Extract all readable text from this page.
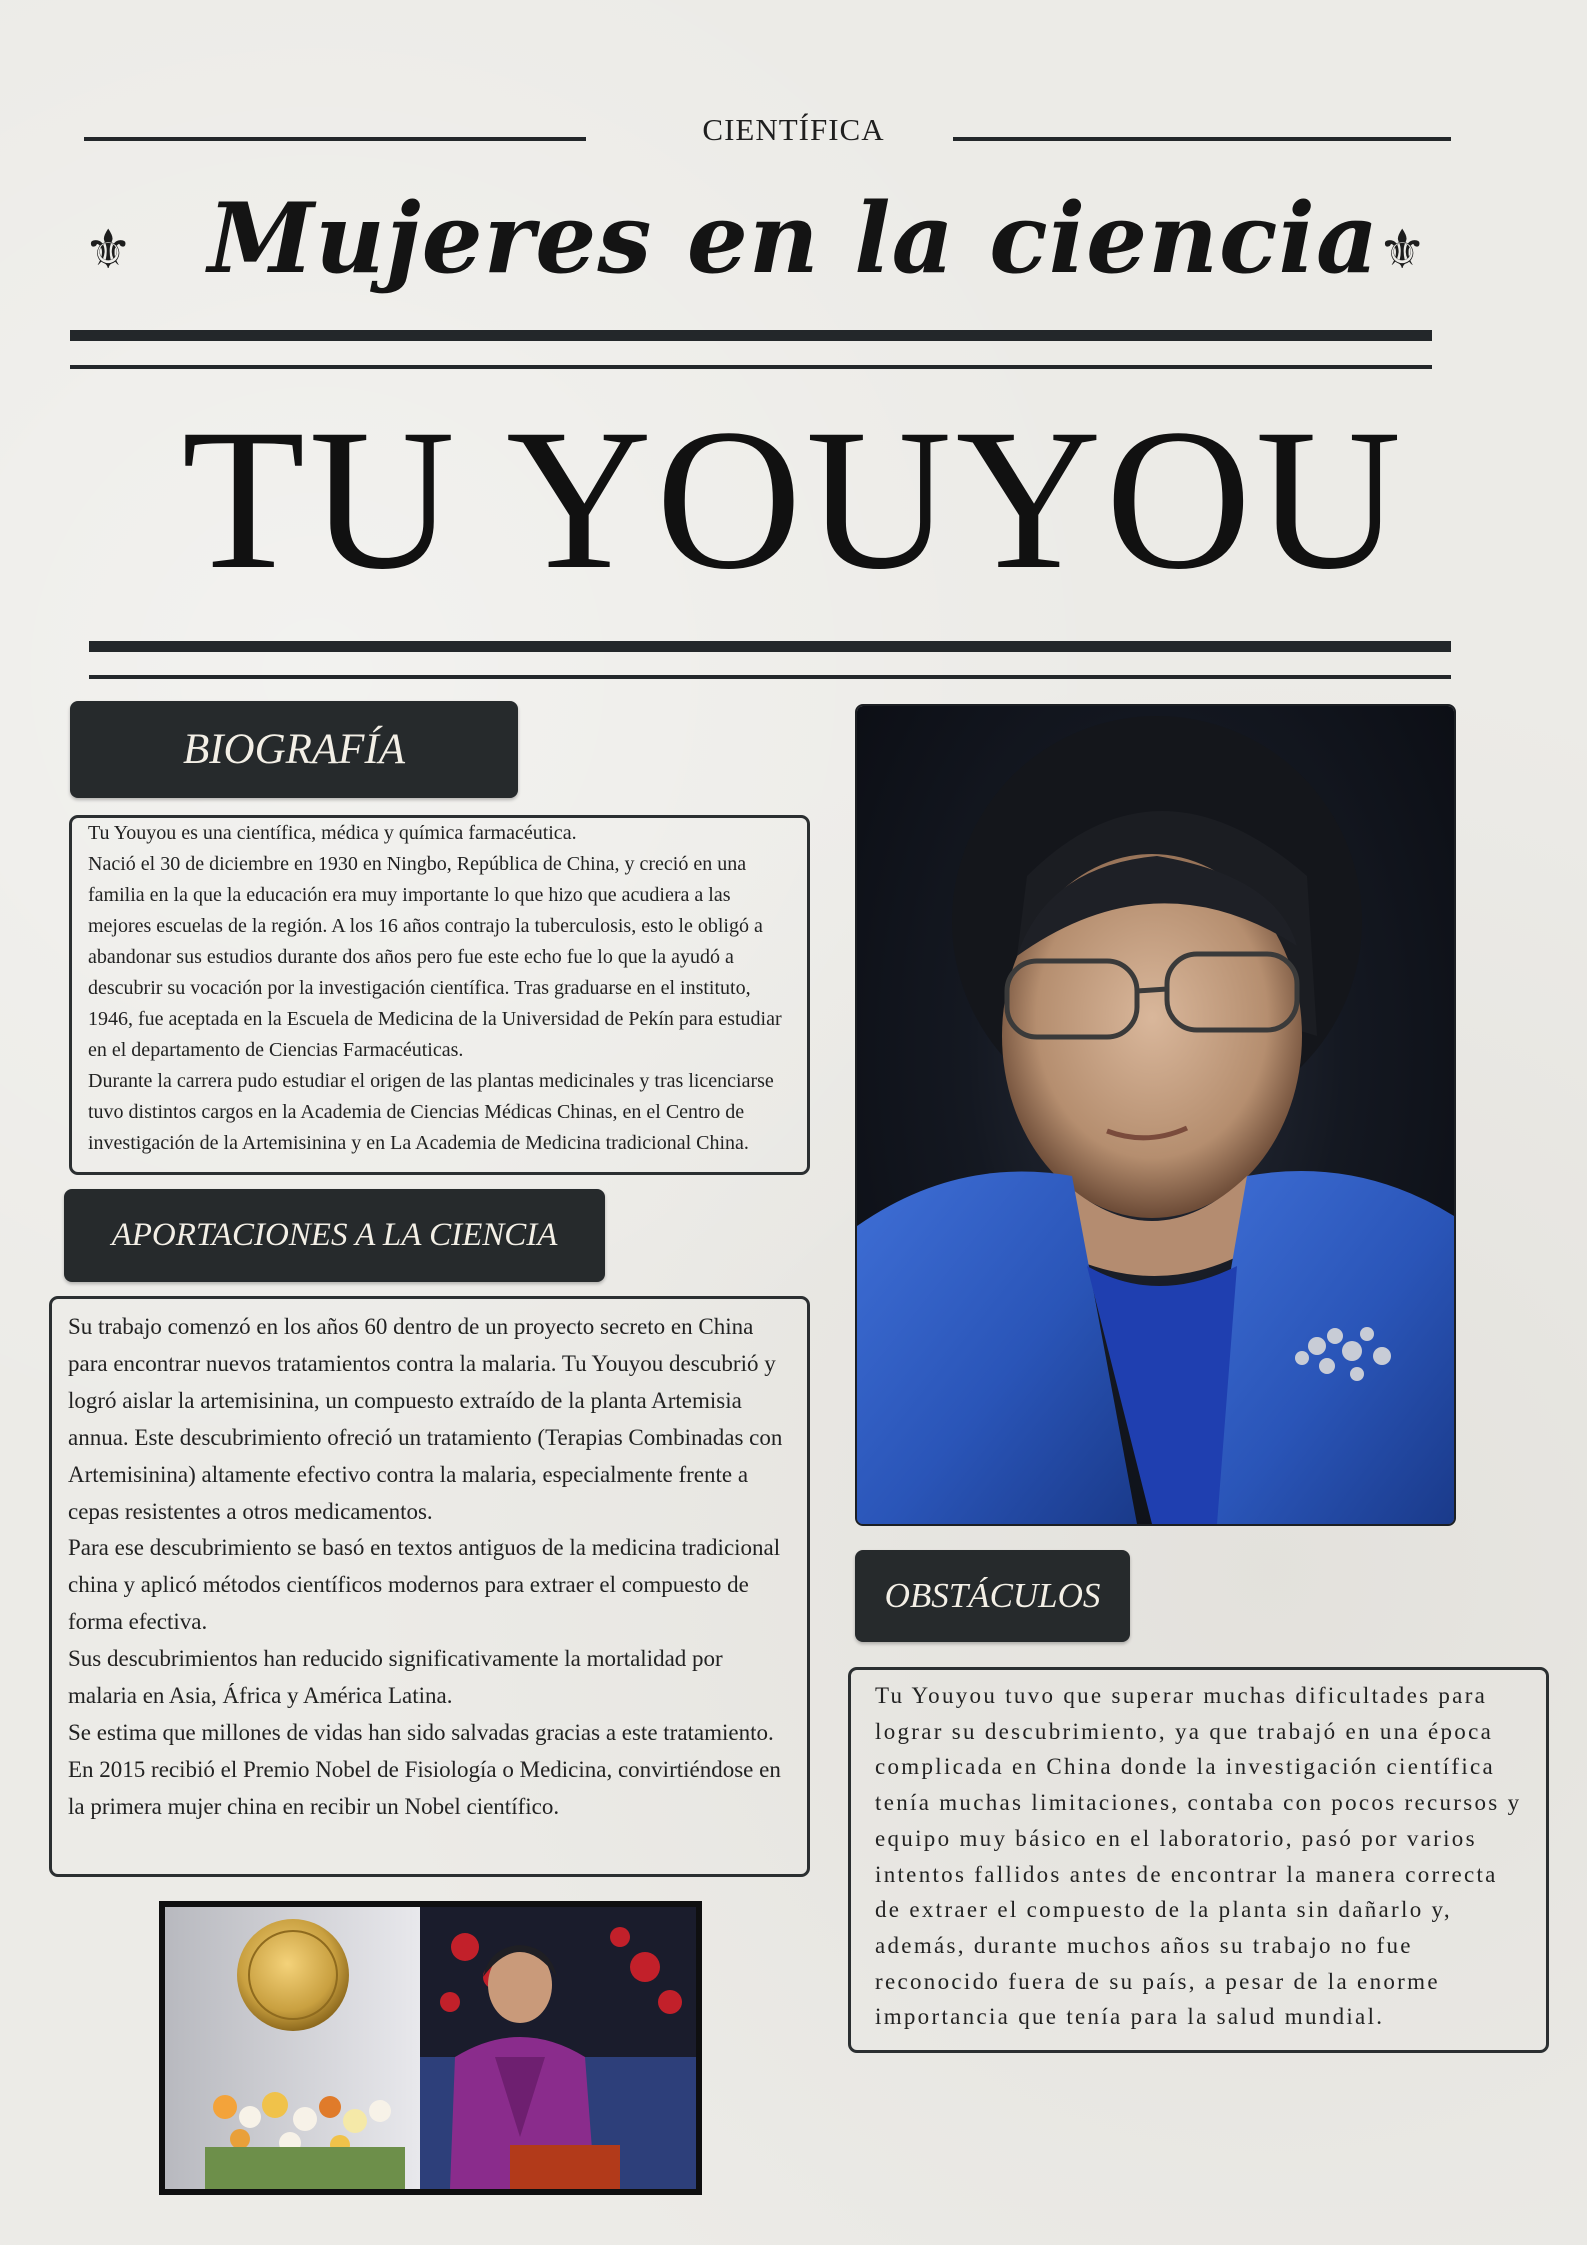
CIENTÍFICA
⚜ Mujeres en la ciencia
⚜
TU YOUYOU
BIOGRAFÍA
Tu Youyou es una científica, médica y química farmacéutica.
Nació el 30 de diciembre en 1930 en Ningbo, República de China, y creció en una familia en la que la educación era muy importante lo que hizo que acudiera a las mejores escuelas de la región. A los 16 años contrajo la tuberculosis, esto le obligó a abandonar sus estudios durante dos años pero fue este echo fue lo que la ayudó a descubrir su vocación por la investigación científica. Tras graduarse en el instituto, 1946, fue aceptada en la Escuela de Medicina de la Universidad de Pekín para estudiar en el departamento de Ciencias Farmacéuticas.
Durante la carrera pudo estudiar el origen de las plantas medicinales y tras licenciarse tuvo distintos cargos en la Academia de Ciencias Médicas Chinas, en el Centro de investigación de la Artemisinina y en La Academia de Medicina tradicional China.
APORTACIONES A LA CIENCIA
Su trabajo comenzó en los años 60 dentro de un proyecto secreto en China para encontrar nuevos tratamientos contra la malaria. Tu Youyou descubrió y logró aislar la artemisinina, un compuesto extraído de la planta Artemisia annua. Este descubrimiento ofreció un tratamiento (Terapias Combinadas con Artemisinina) altamente efectivo contra la malaria, especialmente frente a cepas resistentes a otros medicamentos.
Para ese descubrimiento se basó en textos antiguos de la medicina tradicional china y aplicó métodos científicos modernos para extraer el compuesto de forma efectiva.
Sus descubrimientos han reducido significativamente la mortalidad por malaria en Asia, África y América Latina.
Se estima que millones de vidas han sido salvadas gracias a este tratamiento.
En 2015 recibió el Premio Nobel de Fisiología o Medicina, convirtiéndose en la primera mujer china en recibir un Nobel científico.
OBSTÁCULOS
Tu Youyou tuvo que superar muchas dificultades para lograr su descubrimiento, ya que trabajó en una época complicada en China donde la investigación científica tenía muchas limitaciones, contaba con pocos recursos y equipo muy básico en el laboratorio, pasó por varios intentos fallidos antes de encontrar la manera correcta de extraer el compuesto de la planta sin dañarlo y, además, durante muchos años su trabajo no fue reconocido fuera de su país, a pesar de la enorme importancia que tenía para la salud mundial.
